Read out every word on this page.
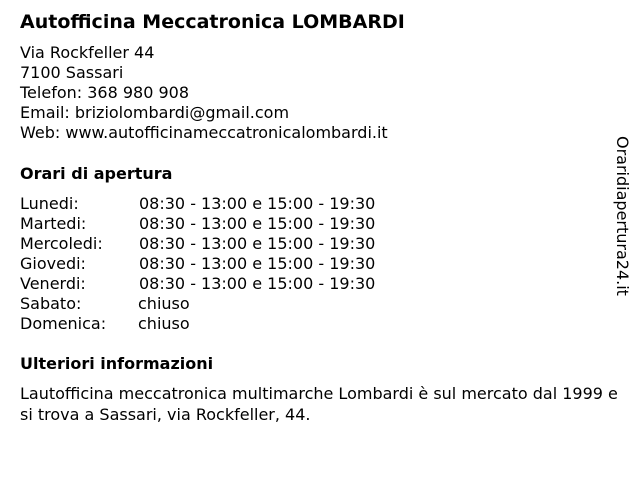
Autofficina Meccatronica LOMBARDI
Via Rockfeller 44
7100 Sassari
Telefon: 368 980 908
Email: briziolombardi@gmail.com
Web: www.autofficinameccatronicalombardi.it
Orari di apertura
Lunedi:	08:30 - 13:00 e 15:00 - 19:30
Martedi:	08:30 - 13:00 e 15:00 - 19:30
Mercoledi: 08:30 - 13:00 e 15:00 - 19:30
Giovedi:	08:30 - 13:00 e 15:00 - 19:30
Venerdi:	08:30 - 13:00 e 15:00 - 19:30
Sabato:	chiuso
Domenica: chiuso
Ulteriori informazioni
Lautofficina meccatronica multimarche Lombardi è sul mercato dal 1999 e si trova a Sassari, via Rockfeller, 44.
Oraridiapertura24.it
